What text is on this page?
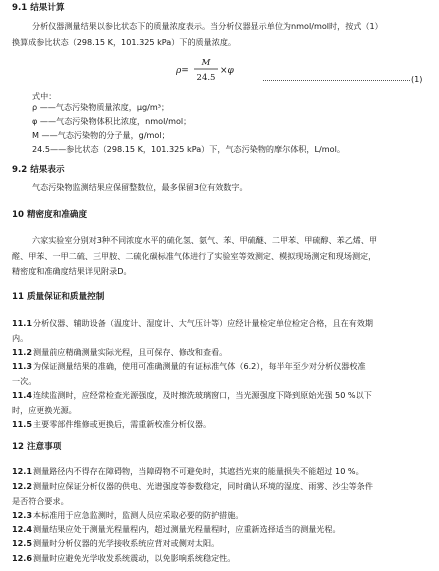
9.1 结果计算
分析仪器测量结果以参比状态下的质量浓度表示。当分析仪器显示单位为nmol/mol时，按式（1）
换算成参比状态（298.15 K，101.325 kPa）下的质量浓度。
ρ=
M
24.5
×φ
(1)
式中：
ρ ——气态污染物质量浓度，μg/m³；
φ ——气态污染物体积比浓度，nmol/mol；
M ——气态污染物的分子量，g/mol；
24.5——参比状态（298.15 K，101.325 kPa）下，气态污染物的摩尔体积，L/mol。
9.2 结果表示
气态污染物监测结果应保留整数位，最多保留3位有效数字。
10 精密度和准确度
六家实验室分别对3种不同浓度水平的硫化氢、氨气、苯、甲硫醚、二甲苯、甲硫醇、苯乙烯、甲
醛、甲苯、一甲二硫、三甲胺、二硫化碳标准气体进行了实验室等效测定、模拟现场测定和现场测定，
精密度和准确度结果详见附录D。
11 质量保证和质量控制
11.1 分析仪器、辅助设备（温度计、湿度计、大气压计等）应经计量检定单位检定合格，且在有效期
内。
11.2 测量前应精确测量实际光程，且可保存、修改和查看。
11.3 为保证测量结果的准确，使用可准确测量的有证标准气体（6.2），每半年至少对分析仪器校准
一次。
11.4 连续监测时，应经常检查光源强度，及时擦洗玻璃窗口，当光源强度下降到原始光强 50 %以下
时，应更换光源。
11.5 主要零部件维修或更换后，需重新校准分析仪器。
12 注意事项
12.1 测量路径内不得存在障碍物，当障碍物不可避免时，其遮挡光束的能量损失不能超过 10 %。
12.2 测量时应保证分析仪器的供电、光谱强度等参数稳定，同时确认环境的湿度、雨雾、沙尘等条件
是否符合要求。
12.3 本标准用于应急监测时，监测人员应采取必要的防护措施。
12.4 测量结果应处于测量光程量程内，超过测量光程量程时，应重新选择适当的测量光程。
12.5 测量时分析仪器的光学接收系统应背对或侧对太阳。
12.6 测量时应避免光学收发系统震动，以免影响系统稳定性。
